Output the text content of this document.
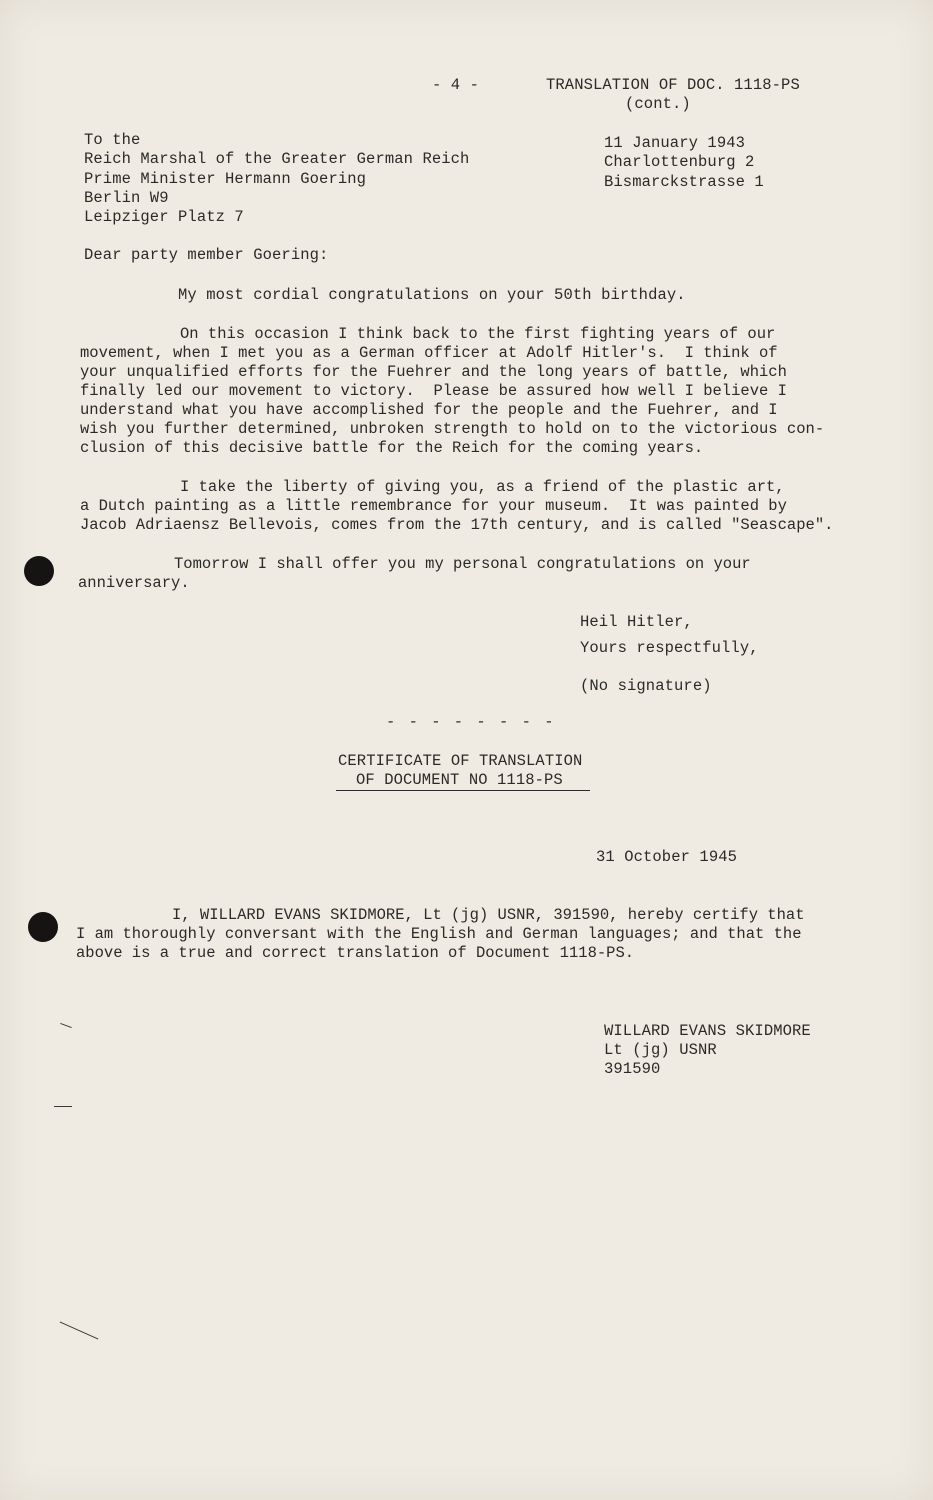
- 4 -	TRANSLATION OF DOC. 1118-PS
(cont.)
To the
Reich Marshal of the Greater German Reich
Prime Minister Hermann Goering
Berlin W9
Leipziger Platz 7
11 January 1943
Charlottenburg 2
Bismarckstrasse 1
Dear party member Goering:
My most cordial congratulations on your 50th birthday.
On this occasion I think back to the first fighting years of our
movement, when I met you as a German officer at Adolf Hitler's.  I think of
your unqualified efforts for the Fuehrer and the long years of battle, which
finally led our movement to victory.  Please be assured how well I believe I
understand what you have accomplished for the people and the Fuehrer, and I
wish you further determined, unbroken strength to hold on to the victorious con-
clusion of this decisive battle for the Reich for the coming years.
I take the liberty of giving you, as a friend of the plastic art,
a Dutch painting as a little remembrance for your museum.  It was painted by
Jacob Adriaensz Bellevois, comes from the 17th century, and is called "Seascape".
Tomorrow I shall offer you my personal congratulations on your
anniversary.
Heil Hitler,
Yours respectfully,
(No signature)
- - - - - - - -
CERTIFICATE OF TRANSLATION
OF DOCUMENT NO 1118-PS
31 October 1945
I, WILLARD EVANS SKIDMORE, Lt (jg) USNR, 391590, hereby certify that
I am thoroughly conversant with the English and German languages; and that the
above is a true and correct translation of Document 1118-PS.
WILLARD EVANS SKIDMORE
Lt (jg) USNR
391590
